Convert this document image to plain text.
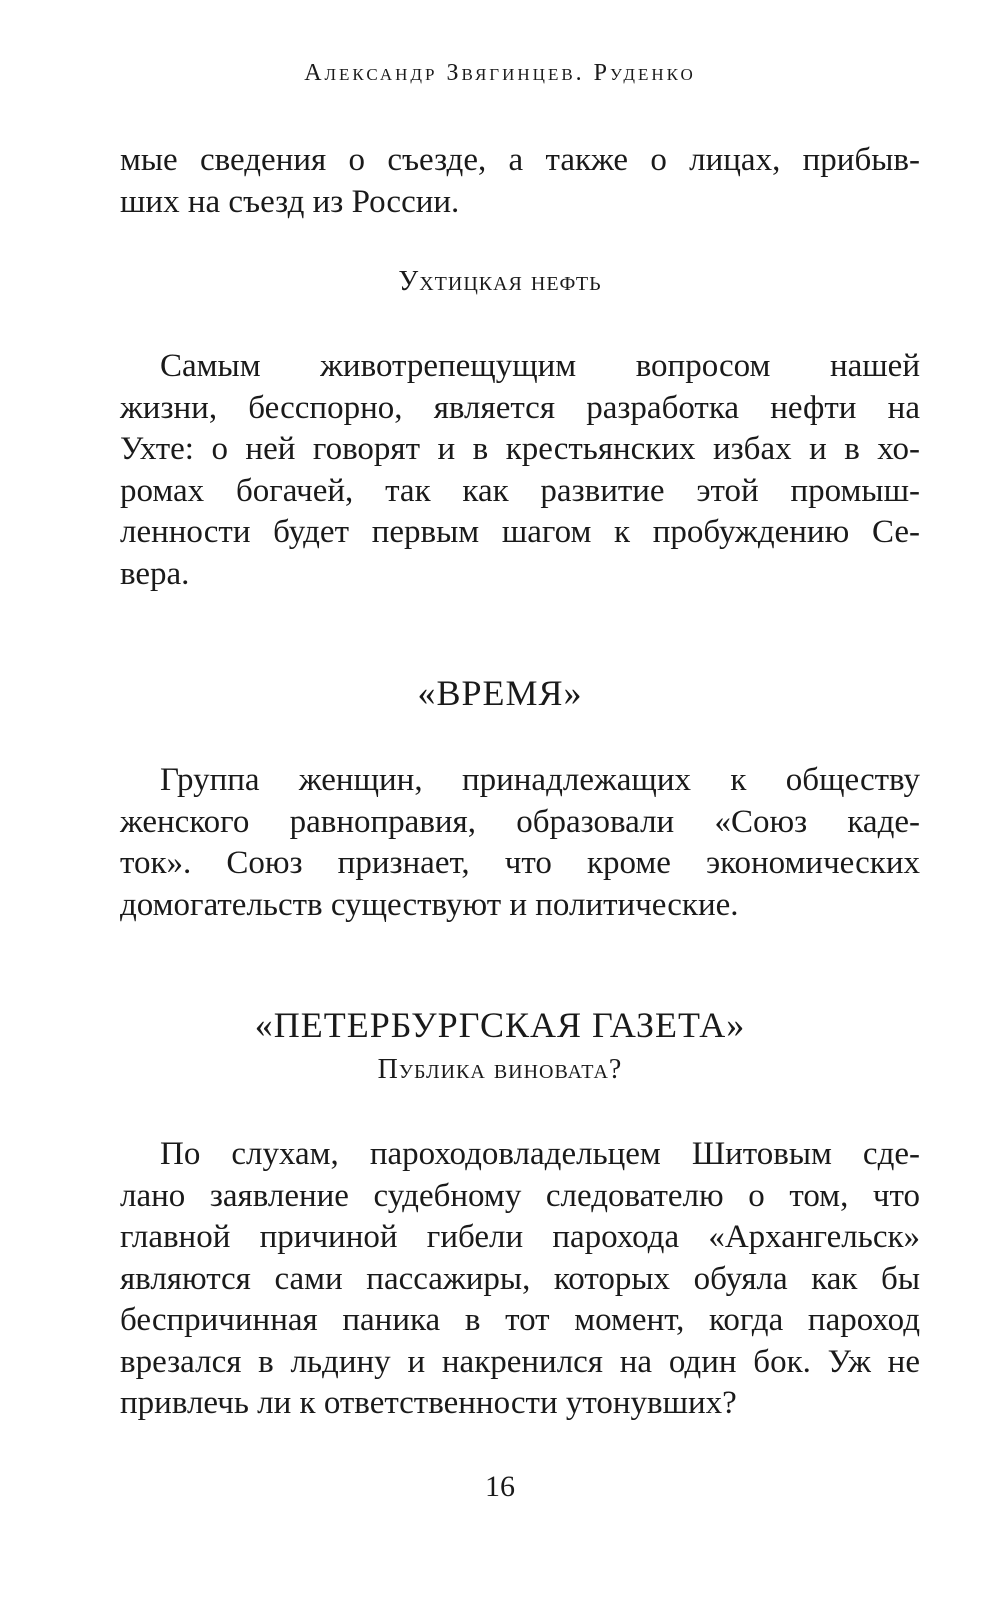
Александр Звягинцев. Руденко

мые сведения о съезде, а также о лицах, прибыв-
ших на съезд из России.

Ухтицкая нефть

Самым животрепещущим вопросом нашей
жизни, бесспорно, является разработка нефти на
Ухте: о ней говорят и в крестьянских избах и в хо-
ромах богачей, так как развитие этой промыш-
ленности будет первым шагом к пробуждению Се-
вера.

«ВРЕМЯ»

Группа женщин, принадлежащих к обществу
женского равноправия, образовали «Союз каде-
ток». Союз признает, что кроме экономических
домогательств существуют и политические.

«ПЕТЕРБУРГСКАЯ ГАЗЕТА»
Публика виновата?

По слухам, пароходовладельцем Шитовым сде-
лано заявление судебному следователю о том, что
главной причиной гибели парохода «Архангельск»
являются сами пассажиры, которых обуяла как бы
беспричинная паника в тот момент, когда пароход
врезался в льдину и накренился на один бок. Уж не
привлечь ли к ответственности утонувших?

16
